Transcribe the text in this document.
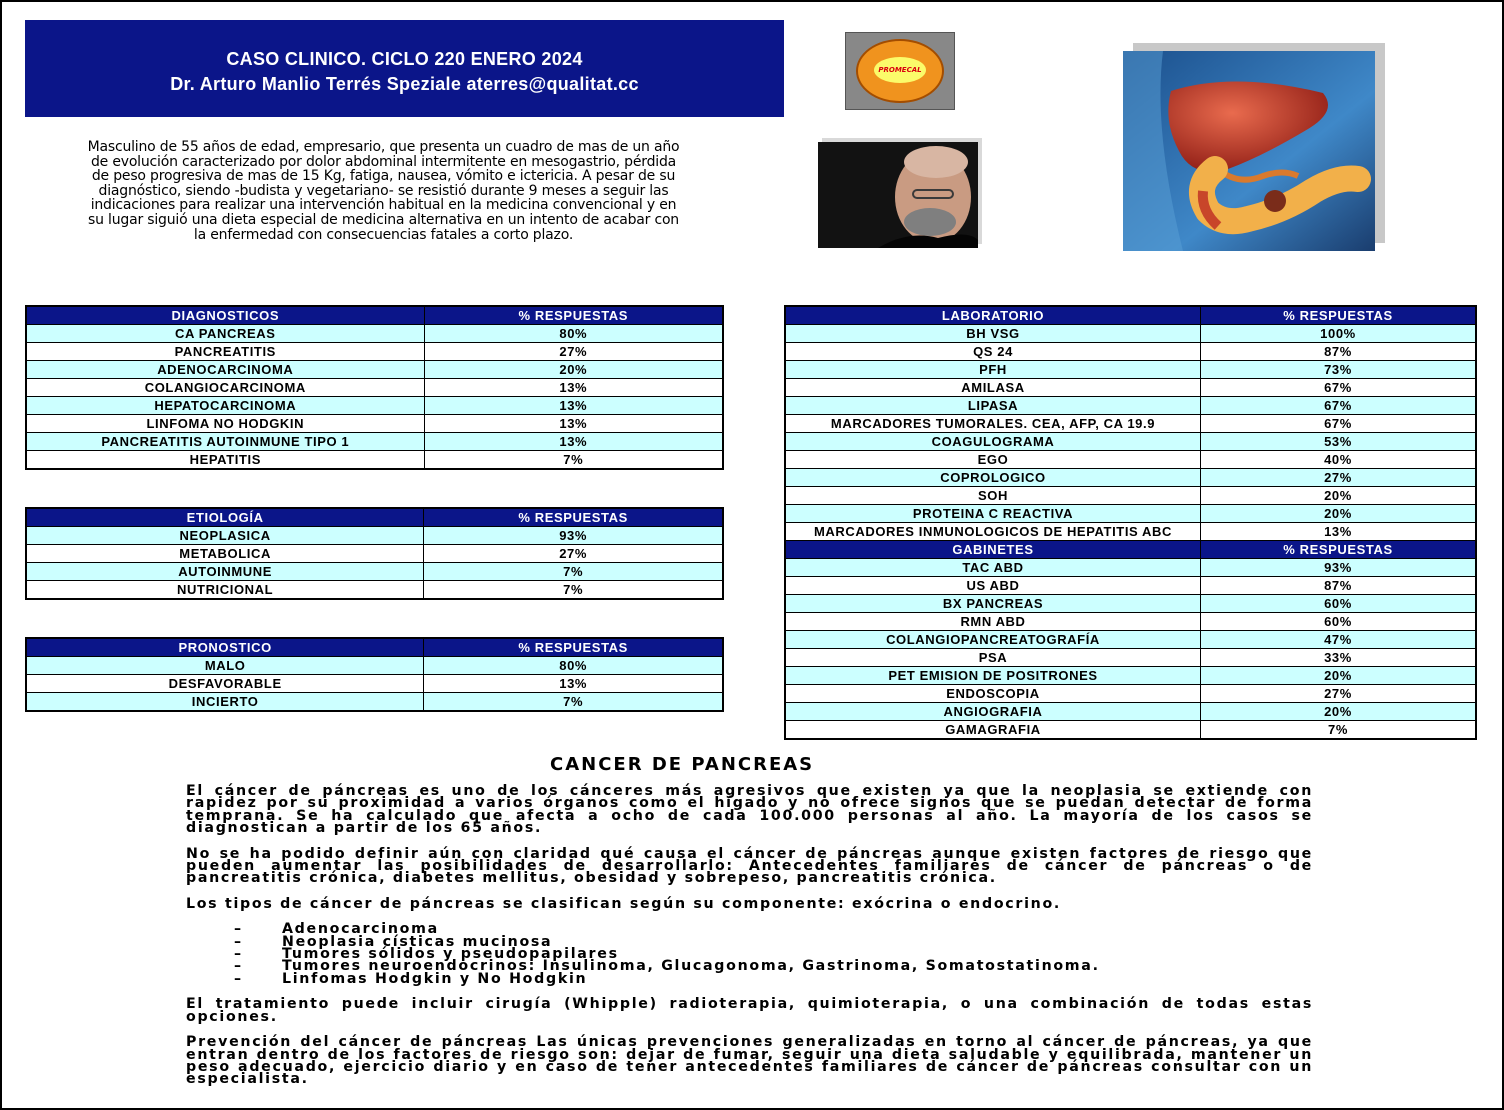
CASO CLINICO. CICLO 220 ENERO 2024
Dr. Arturo Manlio Terrés Speziale aterres@qualitat.cc
PROMECAL
Masculino de 55 años de edad, empresario, que presenta un cuadro de mas de un año de evolución caracterizado por dolor abdominal intermitente en mesogastrio, pérdida de peso progresiva de mas de 15 Kg, fatiga, nausea, vómito e ictericia. A pesar de su diagnóstico, siendo -budista y vegetariano- se resistió durante 9 meses a seguir las indicaciones para realizar una intervención habitual en la medicina convencional y en su lugar siguió una dieta especial de medicina alternativa en un intento de acabar con la enfermedad con consecuencias fatales a corto plazo.
DIAGNOSTICOS	% RESPUESTAS
CA PANCREAS	80%
PANCREATITIS	27%
ADENOCARCINOMA	20%
COLANGIOCARCINOMA	13%
HEPATOCARCINOMA	13%
LINFOMA NO HODGKIN	13%
PANCREATITIS AUTOINMUNE TIPO 1	13%
HEPATITIS	7%
ETIOLOGÍA	% RESPUESTAS
NEOPLASICA	93%
METABOLICA	27%
AUTOINMUNE	7%
NUTRICIONAL	7%
PRONOSTICO	% RESPUESTAS
MALO	80%
DESFAVORABLE	13%
INCIERTO	7%
LABORATORIO	% RESPUESTAS
BH VSG	100%
QS 24	87%
PFH	73%
AMILASA	67%
LIPASA	67%
MARCADORES TUMORALES. CEA, AFP, CA 19.9	67%
COAGULOGRAMA	53%
EGO	40%
COPROLOGICO	27%
SOH	20%
PROTEINA C REACTIVA	20%
MARCADORES INMUNOLOGICOS DE HEPATITIS ABC	13%
GABINETES	% RESPUESTAS
TAC ABD	93%
US ABD	87%
BX PANCREAS	60%
RMN ABD	60%
COLANGIOPANCREATOGRAFÍA	47%
PSA	33%
PET EMISION DE POSITRONES	20%
ENDOSCOPIA	27%
ANGIOGRAFIA	20%
GAMAGRAFIA	7%
CANCER DE PANCREAS

El cáncer de páncreas es uno de los cánceres más agresivos que existen ya que la neoplasia se extiende con rapidez por su proximidad a varios órganos como el hígado y no ofrece signos que se puedan detectar de forma temprana. Se ha calculado que afecta a ocho de cada 100.000 personas al año. La mayoría de los casos se diagnostican a partir de los 65 años.

No se ha podido definir aún con claridad qué causa el cáncer de páncreas aunque existen factores de riesgo que pueden aumentar las posibilidades de desarrollarlo: Antecedentes familiares de cáncer de páncreas o de pancreatitis crónica, diabetes mellitus, obesidad y sobrepeso, pancreatitis crónica.

Los tipos de cáncer de páncreas se clasifican según su componente: exócrina o endocrino.

–	Adenocarcinoma
–	Neoplasia císticas mucinosa
–	Tumores sólidos y pseudopapilares
–	Tumores neuroendocrinos: Insulinoma, Glucagonoma, Gastrinoma, Somatostatinoma.
–	Linfomas Hodgkin y No Hodgkin

El tratamiento puede incluir cirugía (Whipple) radioterapia, quimioterapia, o una combinación de todas estas opciones.

Prevención del cáncer de páncreas Las únicas prevenciones generalizadas en torno al cáncer de páncreas, ya que entran dentro de los factores de riesgo son: dejar de fumar, seguir una dieta saludable y equilibrada, mantener un peso adecuado, ejercicio diario y en caso de tener antecedentes familiares de cáncer de páncreas consultar con un especialista.
